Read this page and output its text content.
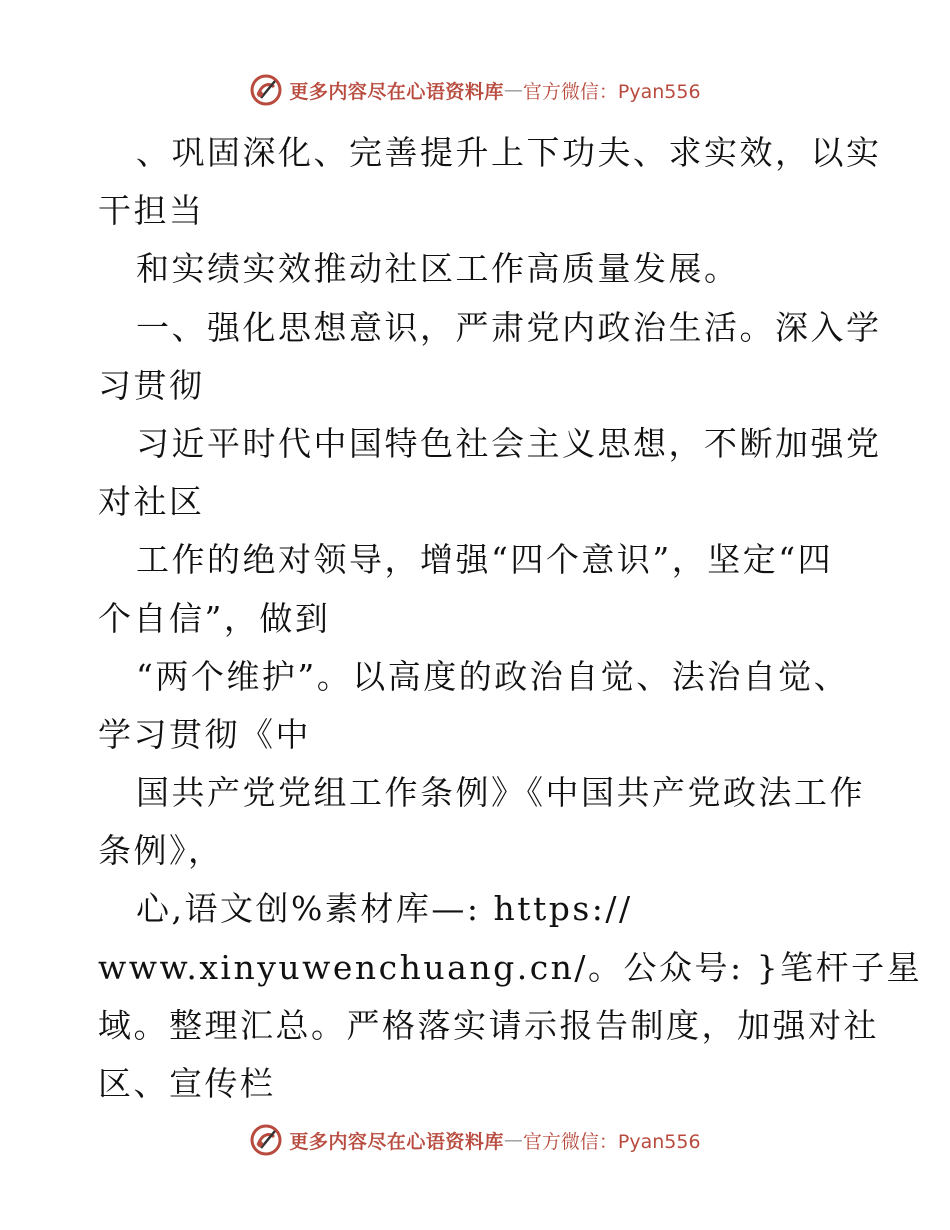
更多内容尽在心语资料库 — 官方微信：Pyan556
、巩固深化、完善提升上下功夫、求实效，以实
干担当
和实绩实效推动社区工作高质量发展。
一、强化思想意识，严肃党内政治生活。深入学
习贯彻
习近平时代中国特色社会主义思想，不断加强党
对社区
工作的绝对领导，增强“四个意识”，坚定“四
个自信”，做到
“两个维护”。以高度的政治自觉、法治自觉、
学习贯彻《中
国共产党党组工作条例》《中国共产党政法工作
条例》，
心,语文创%素材库—: https://
www.xinyuwenchuang.cn/。公众号: }笔杆子星
域。整理汇总。严格落实请示报告制度，加强对社
区、宣传栏
更多内容尽在心语资料库 — 官方微信：Pyan556
